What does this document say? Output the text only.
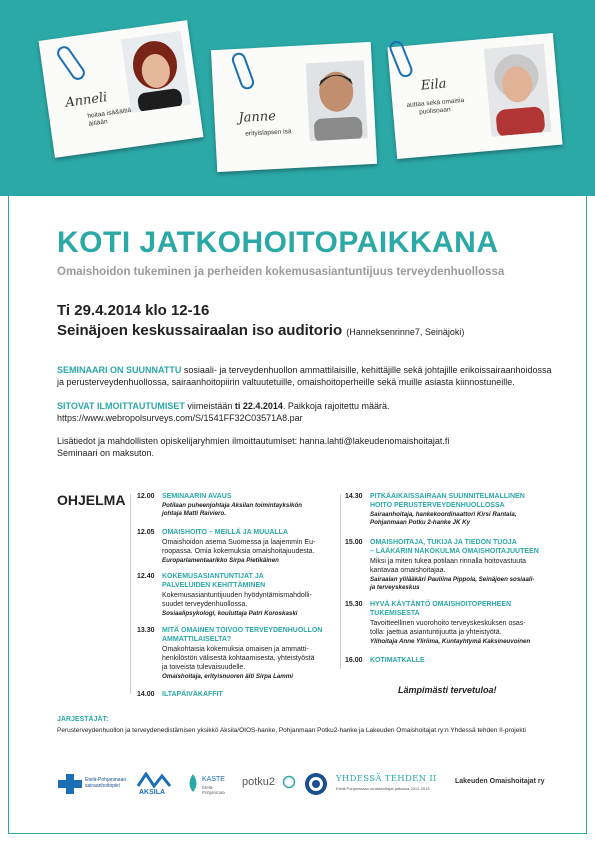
Anneli
hoitaa isä&äitiä
äitiään	Janne
erityislapsen isä
Eila
auttaa sekä omaisia
puolisoaan
KOTI JATKOHOITOPAIKKANA
Omaishoidon tukeminen ja perheiden kokemusasiantuntijuus terveydenhuollossa
Ti 29.4.2014 klo 12-16
Seinäjoen keskussairaalan iso auditorio (Hanneksenrinne7, Seinäjoki)
SEMINAARI ON SUUNNATTU sosiaali- ja terveydenhuollon ammattilaisille, kehittäjille sekä johtajille erikoissairaanhoidossa ja perusterveydenhuollossa, sairaanhoitopiirin valtuutetuille, omaishoitoperheille sekä muille asiasta kiinnostuneille.
SITOVAT ILMOITTAUTUMISET viimeistään ti 22.4.2014. Paikkoja rajoitettu määrä.
https://www.webropolsurveys.com/S/1541FF32C03571A8.par
Lisätiedot ja mahdollisten opiskelijaryhmien ilmoittautumiset: hanna.lahti@lakeudenomaishoitajat.fi
Seminaari on maksuton.
OHJELMA 12.00 SEMINAARIN AVAUS
Potilaan puheenjohtaja Aksilan toimintayksikön
johtaja Matti Raiviero.
12.05 OMAISHOITO – MEILLÄ JA MUUALLA
Omaishoidon asema Suomessa ja laajemmin Eu-
roopassa. Omia kokemuksia omaishoitajuudesta.
Europarlamentaarikko Sirpa Pietikäinen
12.40 KOKEMUSASIANTUNTIJAT JA
PALVELUIDEN KEHITTÄMINEN
Kokemusasiantuntijuuden hyödyntämismahdolli-
suudet terveydenhuollossa.
Sosiaalipsykologi, kouluttaja Patri Koroskaski
13.30 MITÄ OMAINEN TOIVOO TERVEYDENHUOLLON
AMMATTILAISELTA?
Omakohtaisia kokemuksia omaisen ja ammatti-
henkilöstön välisestä kohtaamisesta, yhteistyöstä
ja toiveista tulevaisuudelle.
Omaishoitaja, erityisnuoren äiti Sirpa Lammi
14.00 ILTAPÄIVÄKAFFIT
14.30 PITKÄAIKAISSAIRAAN SUUNNITELMALLINEN
HOITO PERUSTERVEYDENHUOLLOSSA
Sairaanhoitaja, hankekoordinaattori Kirsi Rantala,
Pohjanmaan Potku 2-hanke JK Ky
15.00 OMAISHOITAJA, TUKIJA JA TIEDON TUOJA
– LÄÄKÄRIN NÄKÖKULMA OMAISHOITAJUUTEEN
Miksi ja miten tukea potilaan rinnalla hoitovastuuta
kantavaa omaishoitajaa.
Sairaalan ylilääkäri Pauliina Pippola, Seinäjoen sosiaali-
ja terveyskeskus
15.30 HYVÄ KÄYTÄNTÖ OMAISHOITOPERHEEN
TUKEMISESTA
Tavoitteellinen vuorohoito terveyskeskuksen osas-
tolla: jaettua asiantuntijuutta ja yhteistyötä.
Ylihoitaja Anne Yliriima, Kuntayhtymä Kaksineuvoinen
16.00 KOTIMATKALLE
Lämpimästi tervetuloa!
JÄRJESTÄJÄT:
Perusterveydenhuollon ja terveydenedistämisen yksikkö Aksila/OIOS-hanke, Pohjanmaan Potku2-hanke ja Lakeuden Omaishoitajat ry:n Yhdessä tehden II-projekti
Etelä-Pohjanmaan
sairaanhoitopiiri
AKSILA
KASTE
Etelä-Pohjanmaa
potku2	YHDESSÄ TEHDEN II
Etelä-Pohjanmaan omaishoitajat jatkossa 2012-2015
Lakeuden Omaishoitajat ry
